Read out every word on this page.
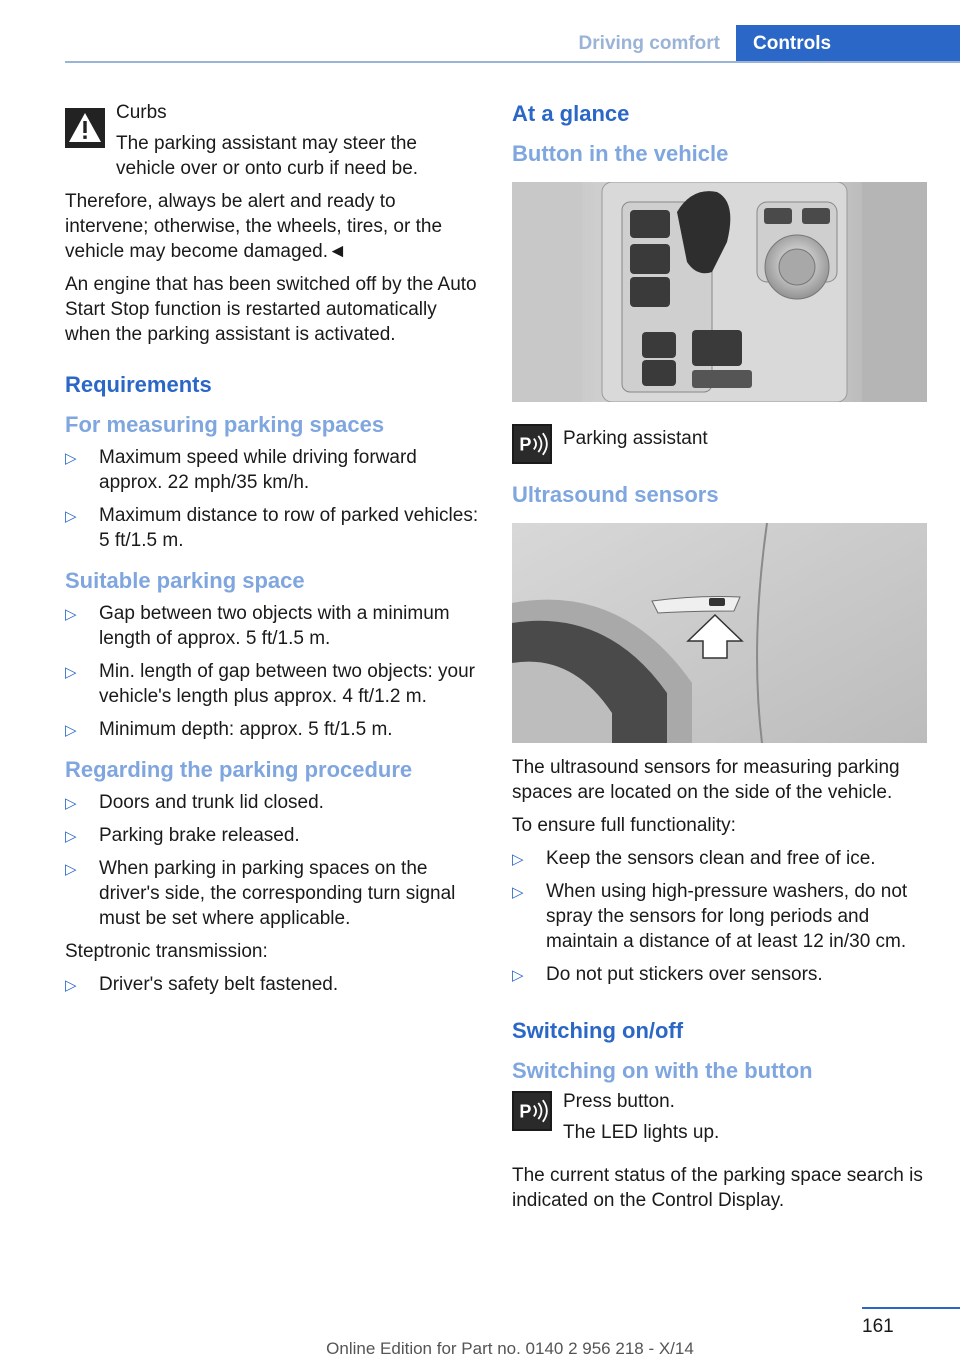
Driving comfort	Controls

Curbs

The parking assistant may steer the vehicle over or onto curb if need be.

Therefore, always be alert and ready to intervene; otherwise, the wheels, tires, or the vehicle may become damaged.◄

An engine that has been switched off by the Auto Start Stop function is restarted automatically when the parking assistant is activated.

Requirements
For measuring parking spaces
▷ Maximum speed while driving forward approx. 22 mph/35 km/h.
▷ Maximum distance to row of parked vehicles: 5 ft/1.5 m.
Suitable parking space
▷ Gap between two objects with a minimum length of approx. 5 ft/1.5 m.
▷ Min. length of gap between two objects: your vehicle's length plus approx. 4 ft/1.2 m.
▷ Minimum depth: approx. 5 ft/1.5 m.
Regarding the parking procedure
▷ Doors and trunk lid closed.
▷ Parking brake released.
▷ When parking in parking spaces on the driver's side, the corresponding turn signal must be set where applicable.

Steptronic transmission:

▷ Driver's safety belt fastened.
At a glance
Button in the vehicle
P Parking assistant

Ultrasound sensors

The ultrasound sensors for measuring parking spaces are located on the side of the vehicle.

To ensure full functionality:

▷ Keep the sensors clean and free of ice.
▷ When using high-pressure washers, do not spray the sensors for long periods and maintain a distance of at least 12 in/30 cm.
▷ Do not put stickers over sensors.
Switching on/off
Switching on with the button
P Press button.

The LED lights up.

The current status of the parking space search is indicated on the Control Display.

161
Online Edition for Part no. 0140 2 956 218 - X/14
